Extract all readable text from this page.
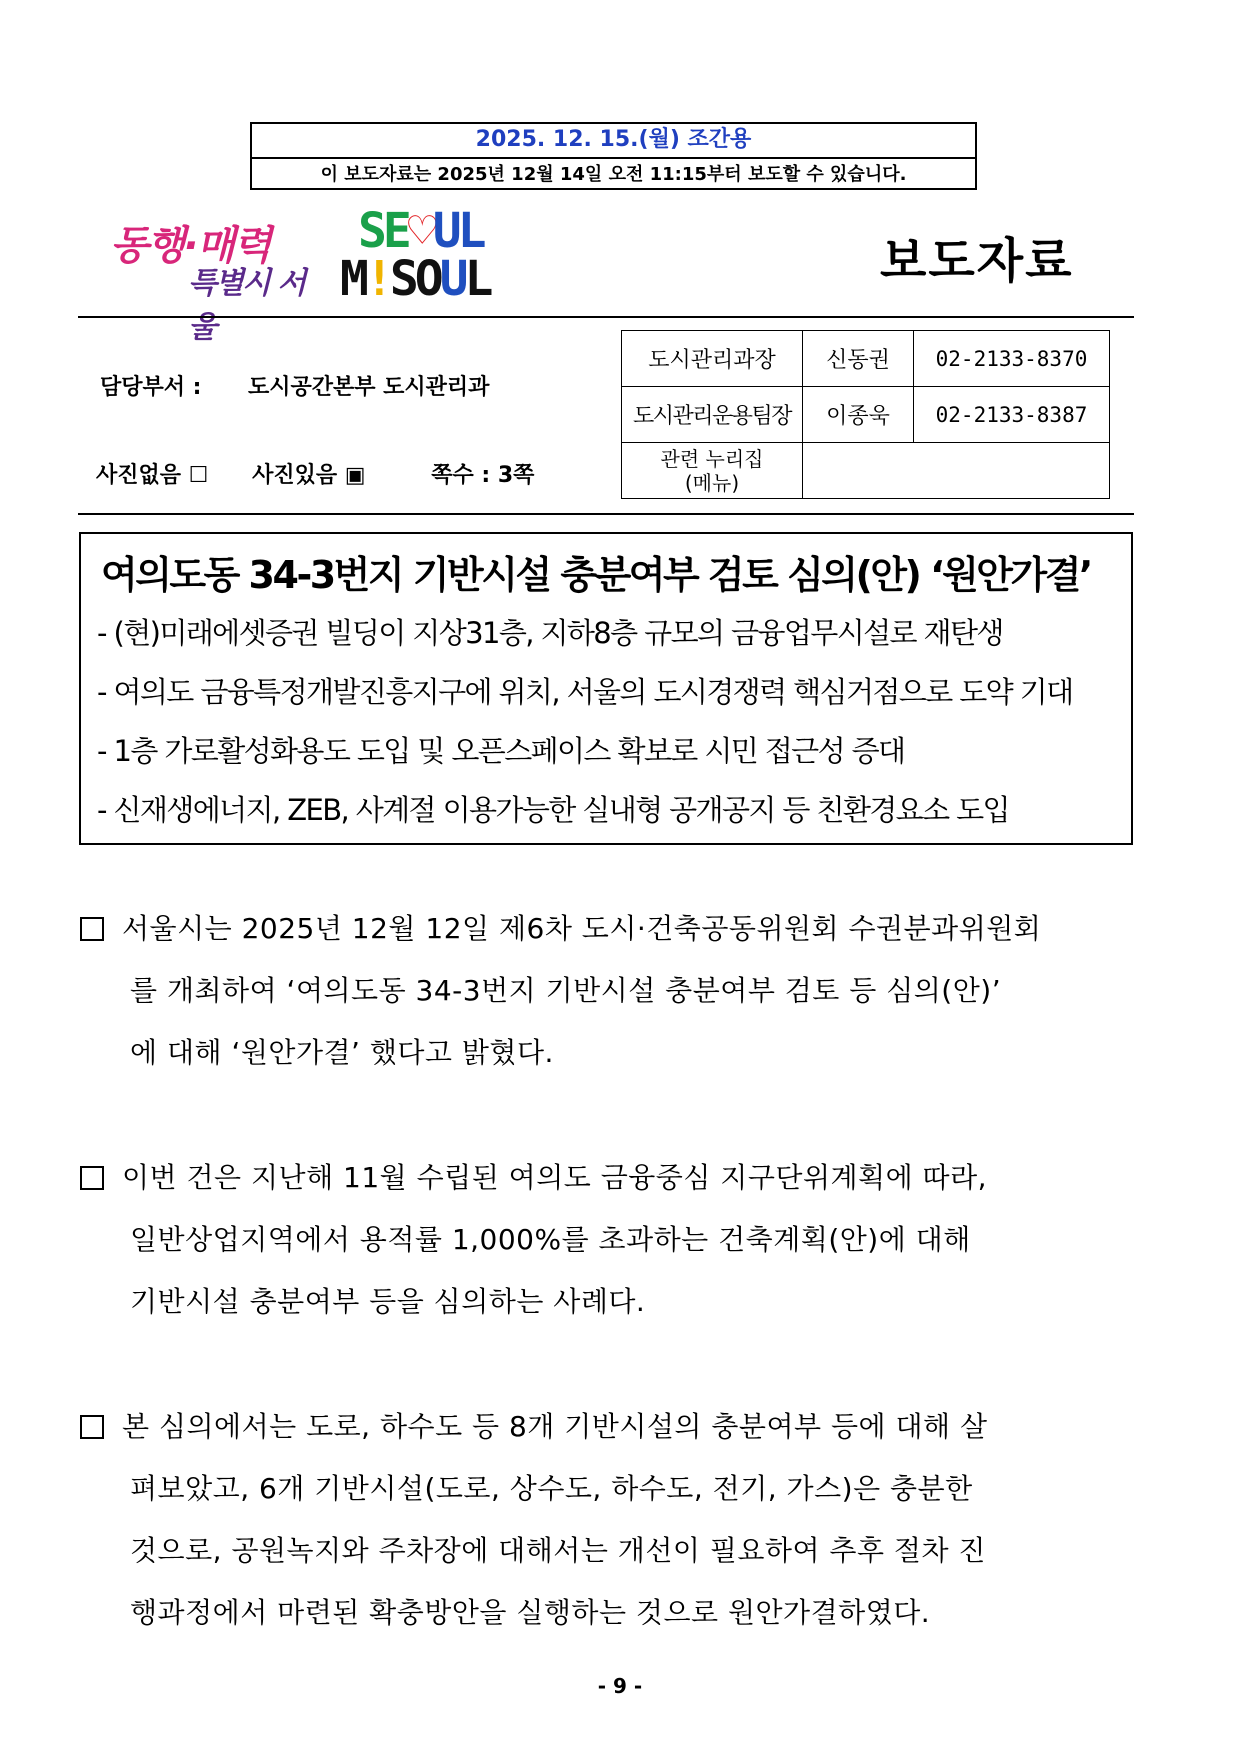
2025. 12. 15.(월) 조간용
이 보도자료는 2025년 12월 14일 오전 11:15부터 보도할 수 있습니다.
동행·매력
특별시 서울
SE♡UL
M!SOUL	보도자료
담당부서 : 도시공간본부 도시관리과
사진없음 ☐ 사진있음 ▣	쪽수 : 3쪽
도시관리과장	신동권	02-2133-8370
도시관리운용팀장	이종욱	02-2133-8387

관련 누리집
(메뉴)		

여의도동 34-3번지 기반시설 충분여부 검토 심의(안) ‘원안가결’
- (현)미래에셋증권 빌딩이 지상31층, 지하8층 규모의 금융업무시설로 재탄생
- 여의도 금융특정개발진흥지구에 위치, 서울의 도시경쟁력 핵심거점으로 도약 기대
- 1층 가로활성화용도 도입 및 오픈스페이스 확보로 시민 접근성 증대
- 신재생에너지, ZEB, 사계절 이용가능한 실내형 공개공지 등 친환경요소 도입
서울시는 2025년 12월 12일 제6차 도시·건축공동위원회 수권분과위원회
를 개최하여 ‘여의도동 34-3번지 기반시설 충분여부 검토 등 심의(안)’
에 대해 ‘원안가결’ 했다고 밝혔다.
이번 건은 지난해 11월 수립된 여의도 금융중심 지구단위계획에 따라,
일반상업지역에서 용적률 1,000%를 초과하는 건축계획(안)에 대해
기반시설 충분여부 등을 심의하는 사례다.
본 심의에서는 도로, 하수도 등 8개 기반시설의 충분여부 등에 대해 살
펴보았고, 6개 기반시설(도로, 상수도, 하수도, 전기, 가스)은 충분한
것으로, 공원녹지와 주차장에 대해서는 개선이 필요하여 추후 절차 진
행과정에서 마련된 확충방안을 실행하는 것으로 원안가결하였다.
- 9 -
